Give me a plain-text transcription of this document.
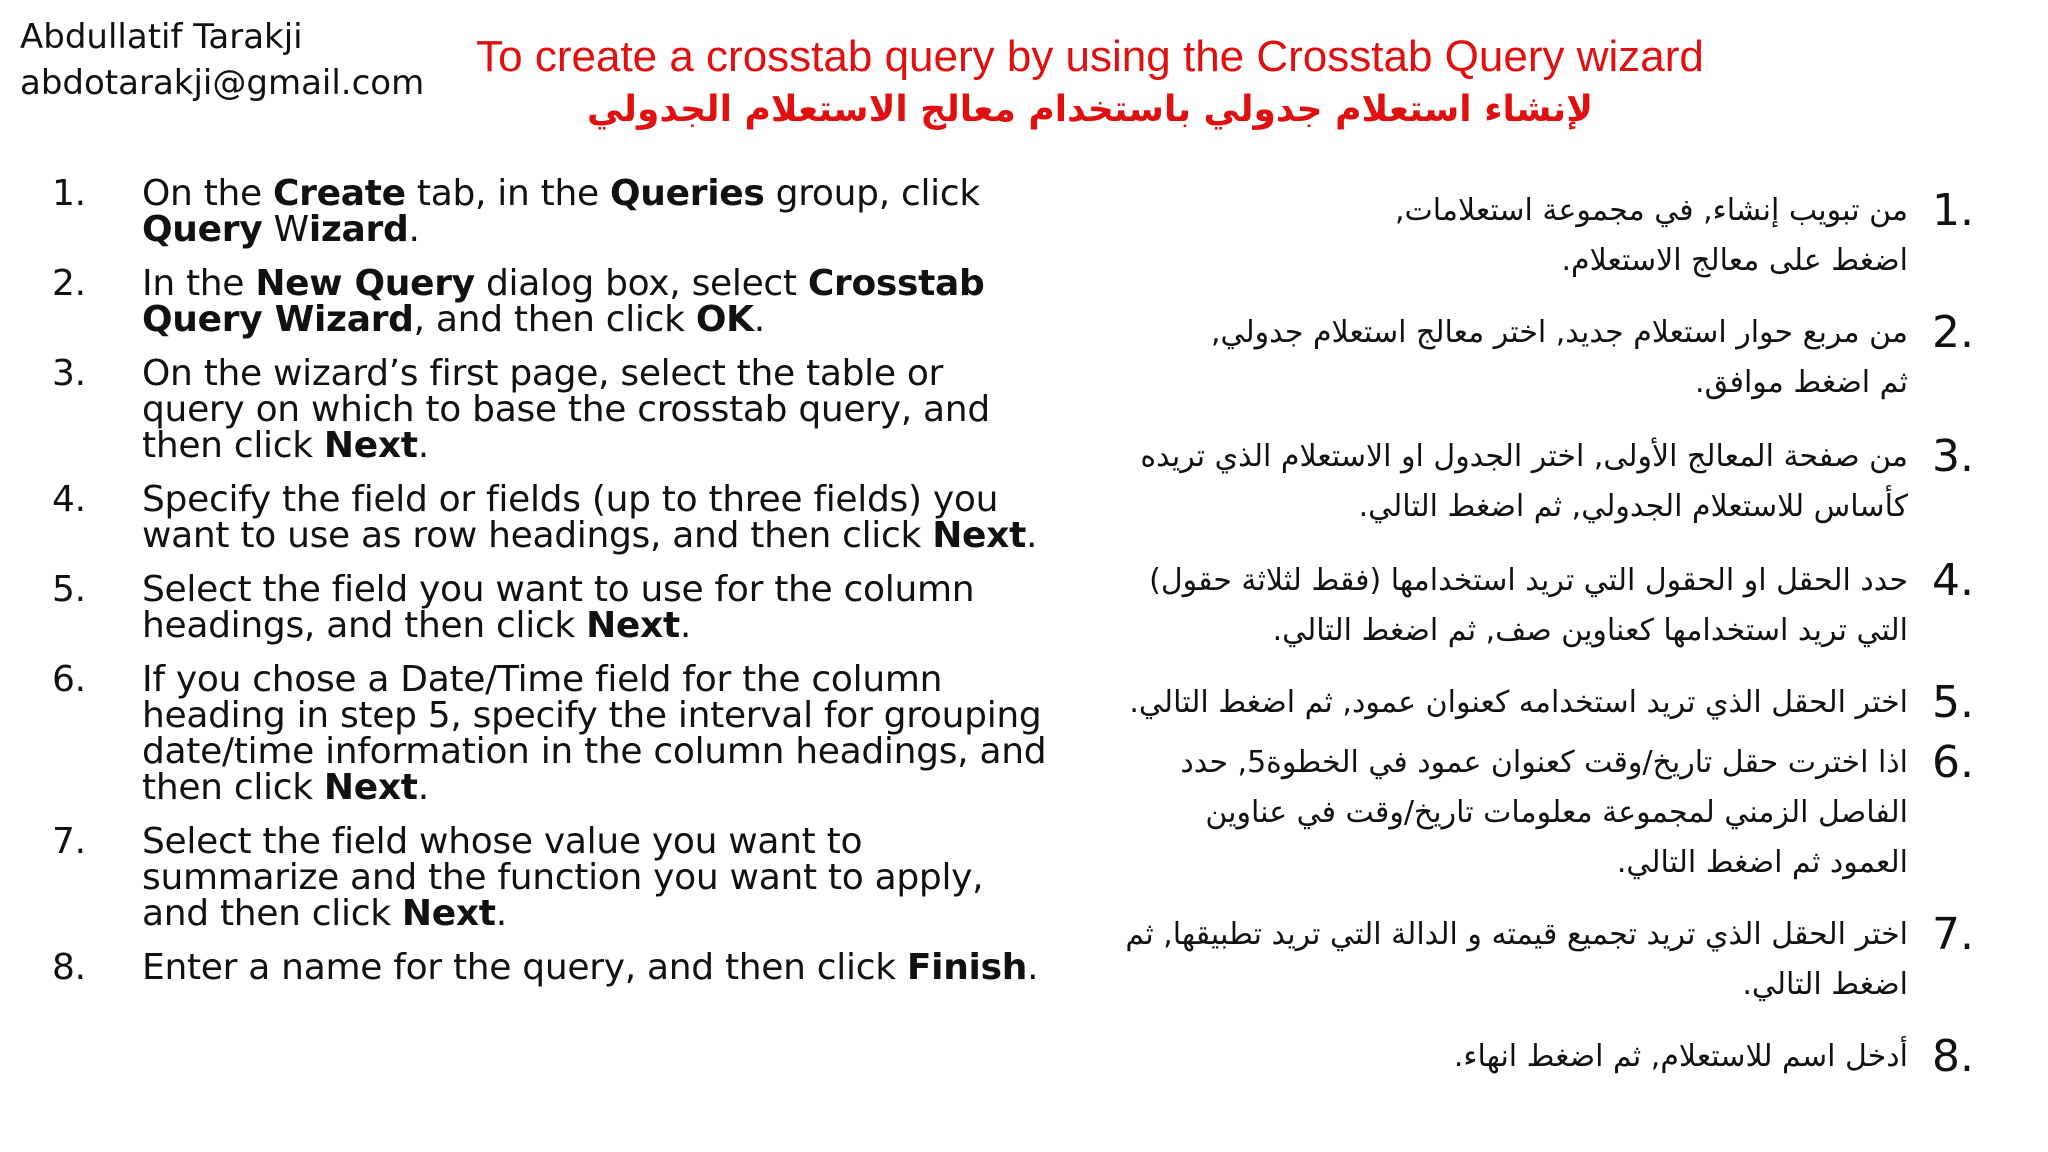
Abdullatif Tarakji
abdotarakji@gmail.com
To create a crosstab query by using the Crosstab Query wizard
لإنشاء استعلام جدولي باستخدام معالج الاستعلام الجدولي
1.	On the Create tab, in the Queries group, click Query Wizard.
2.	In the New Query dialog box, select Crosstab Query Wizard, and then click OK.
3.	On the wizard’s first page, select the table or query on which to base the crosstab query, and then click Next.
4.	Specify the field or fields (up to three fields) you want to use as row headings, and then click Next.
5.	Select the field you want to use for the column headings, and then click Next.
6.	If you chose a Date/Time field for the column heading in step 5, specify the interval for grouping date/time information in the column headings, and then click Next.
7.	Select the field whose value you want to summarize and the function you want to apply, and then click Next.
8.	Enter a name for the query, and then click Finish.
1.
من تبويب إنشاء, في مجموعة استعلامات,
اضغط على معالج الاستعلام.
2.
من مربع حوار استعلام جديد, اختر معالج استعلام جدولي,
ثم اضغط موافق.
3.
من صفحة المعالج الأولى, اختر الجدول او الاستعلام الذي تريده
كأساس للاستعلام الجدولي, ثم اضغط التالي.
4.
حدد الحقل او الحقول التي تريد استخدامها (فقط لثلاثة حقول)
التي تريد استخدامها كعناوين صف, ثم اضغط التالي.
5.
اختر الحقل الذي تريد استخدامه كعنوان عمود, ثم اضغط التالي.
6.
اذا اخترت حقل تاريخ/وقت كعنوان عمود في الخطوة5, حدد
الفاصل الزمني لمجموعة معلومات تاريخ/وقت في عناوين
العمود ثم اضغط التالي.
7.
اختر الحقل الذي تريد تجميع قيمته و الدالة التي تريد تطبيقها, ثم
اضغط التالي.
8.
أدخل اسم للاستعلام, ثم اضغط انهاء.
